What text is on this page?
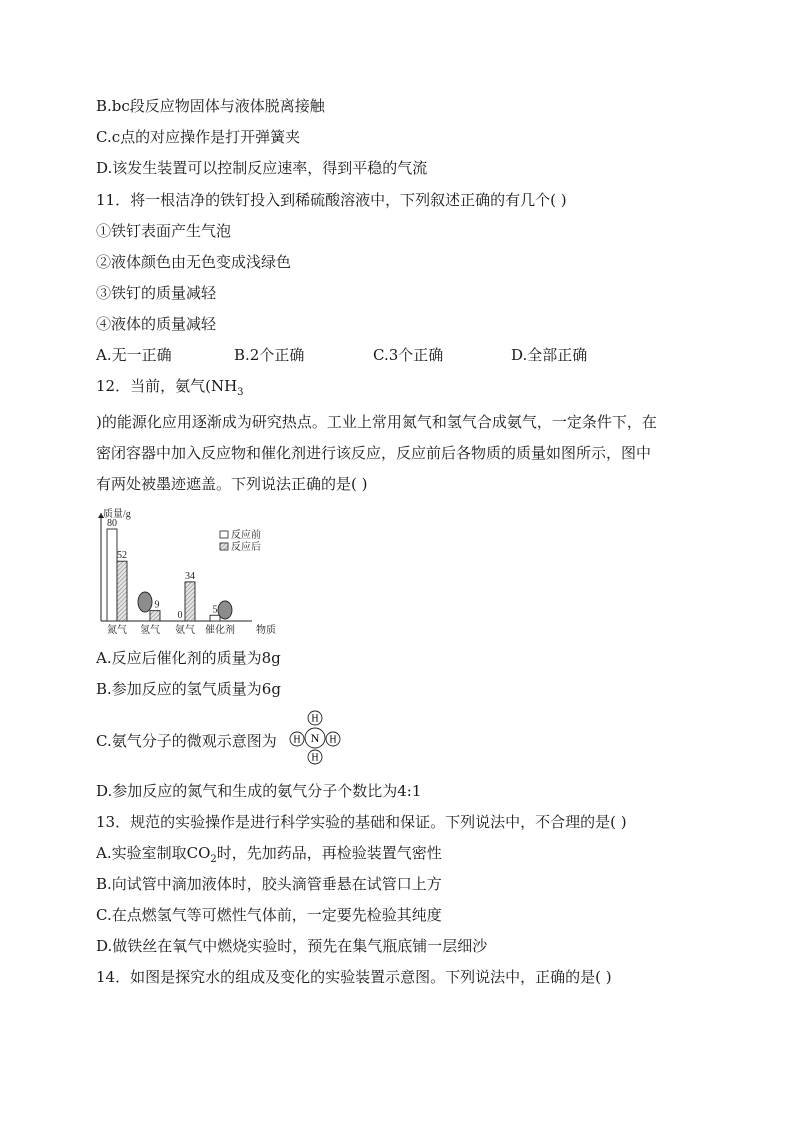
B.bc段反应物固体与液体脱离接触
C.c点的对应操作是打开弹簧夹
D.该发生装置可以控制反应速率，得到平稳的气流
11．将一根洁净的铁钉投入到稀硫酸溶液中，下列叙述正确的有几个( )
①铁钉表面产生气泡
②液体颜色由无色变成浅绿色
③铁钉的质量减轻
④液体的质量减轻
A.无一正确	B.2个正确	C.3个正确	D.全部正确
12．当前，氨气($NH_3$
)的能源化应用逐渐成为研究热点。工业上常用氮气和氢气合成氨气，一定条件下，在
密闭容器中加入反应物和催化剂进行该反应，反应前后各物质的质量如图所示，图中
有两处被墨迹遮盖。下列说法正确的是( )
质量/g
物质
反应前
反应后
80
52
氮气
9
氢气
0
34
氨气
5
催化剂
A.反应后催化剂的质量为8g
B.参加反应的氢气质量为6g
C.氨气分子的微观示意图为
H
H	H
H
N
D.参加反应的氮气和生成的氨气分子个数比为4:1
13．规范的实验操作是进行科学实验的基础和保证。下列说法中，不合理的是( )
A.实验室制取$CO_2$时，先加药品，再检验装置气密性
B.向试管中滴加液体时，胶头滴管垂悬在试管口上方
C.在点燃氢气等可燃性气体前，一定要先检验其纯度
D.做铁丝在氧气中燃烧实验时，预先在集气瓶底铺一层细沙
14．如图是探究水的组成及变化的实验装置示意图。下列说法中，正确的是( )
